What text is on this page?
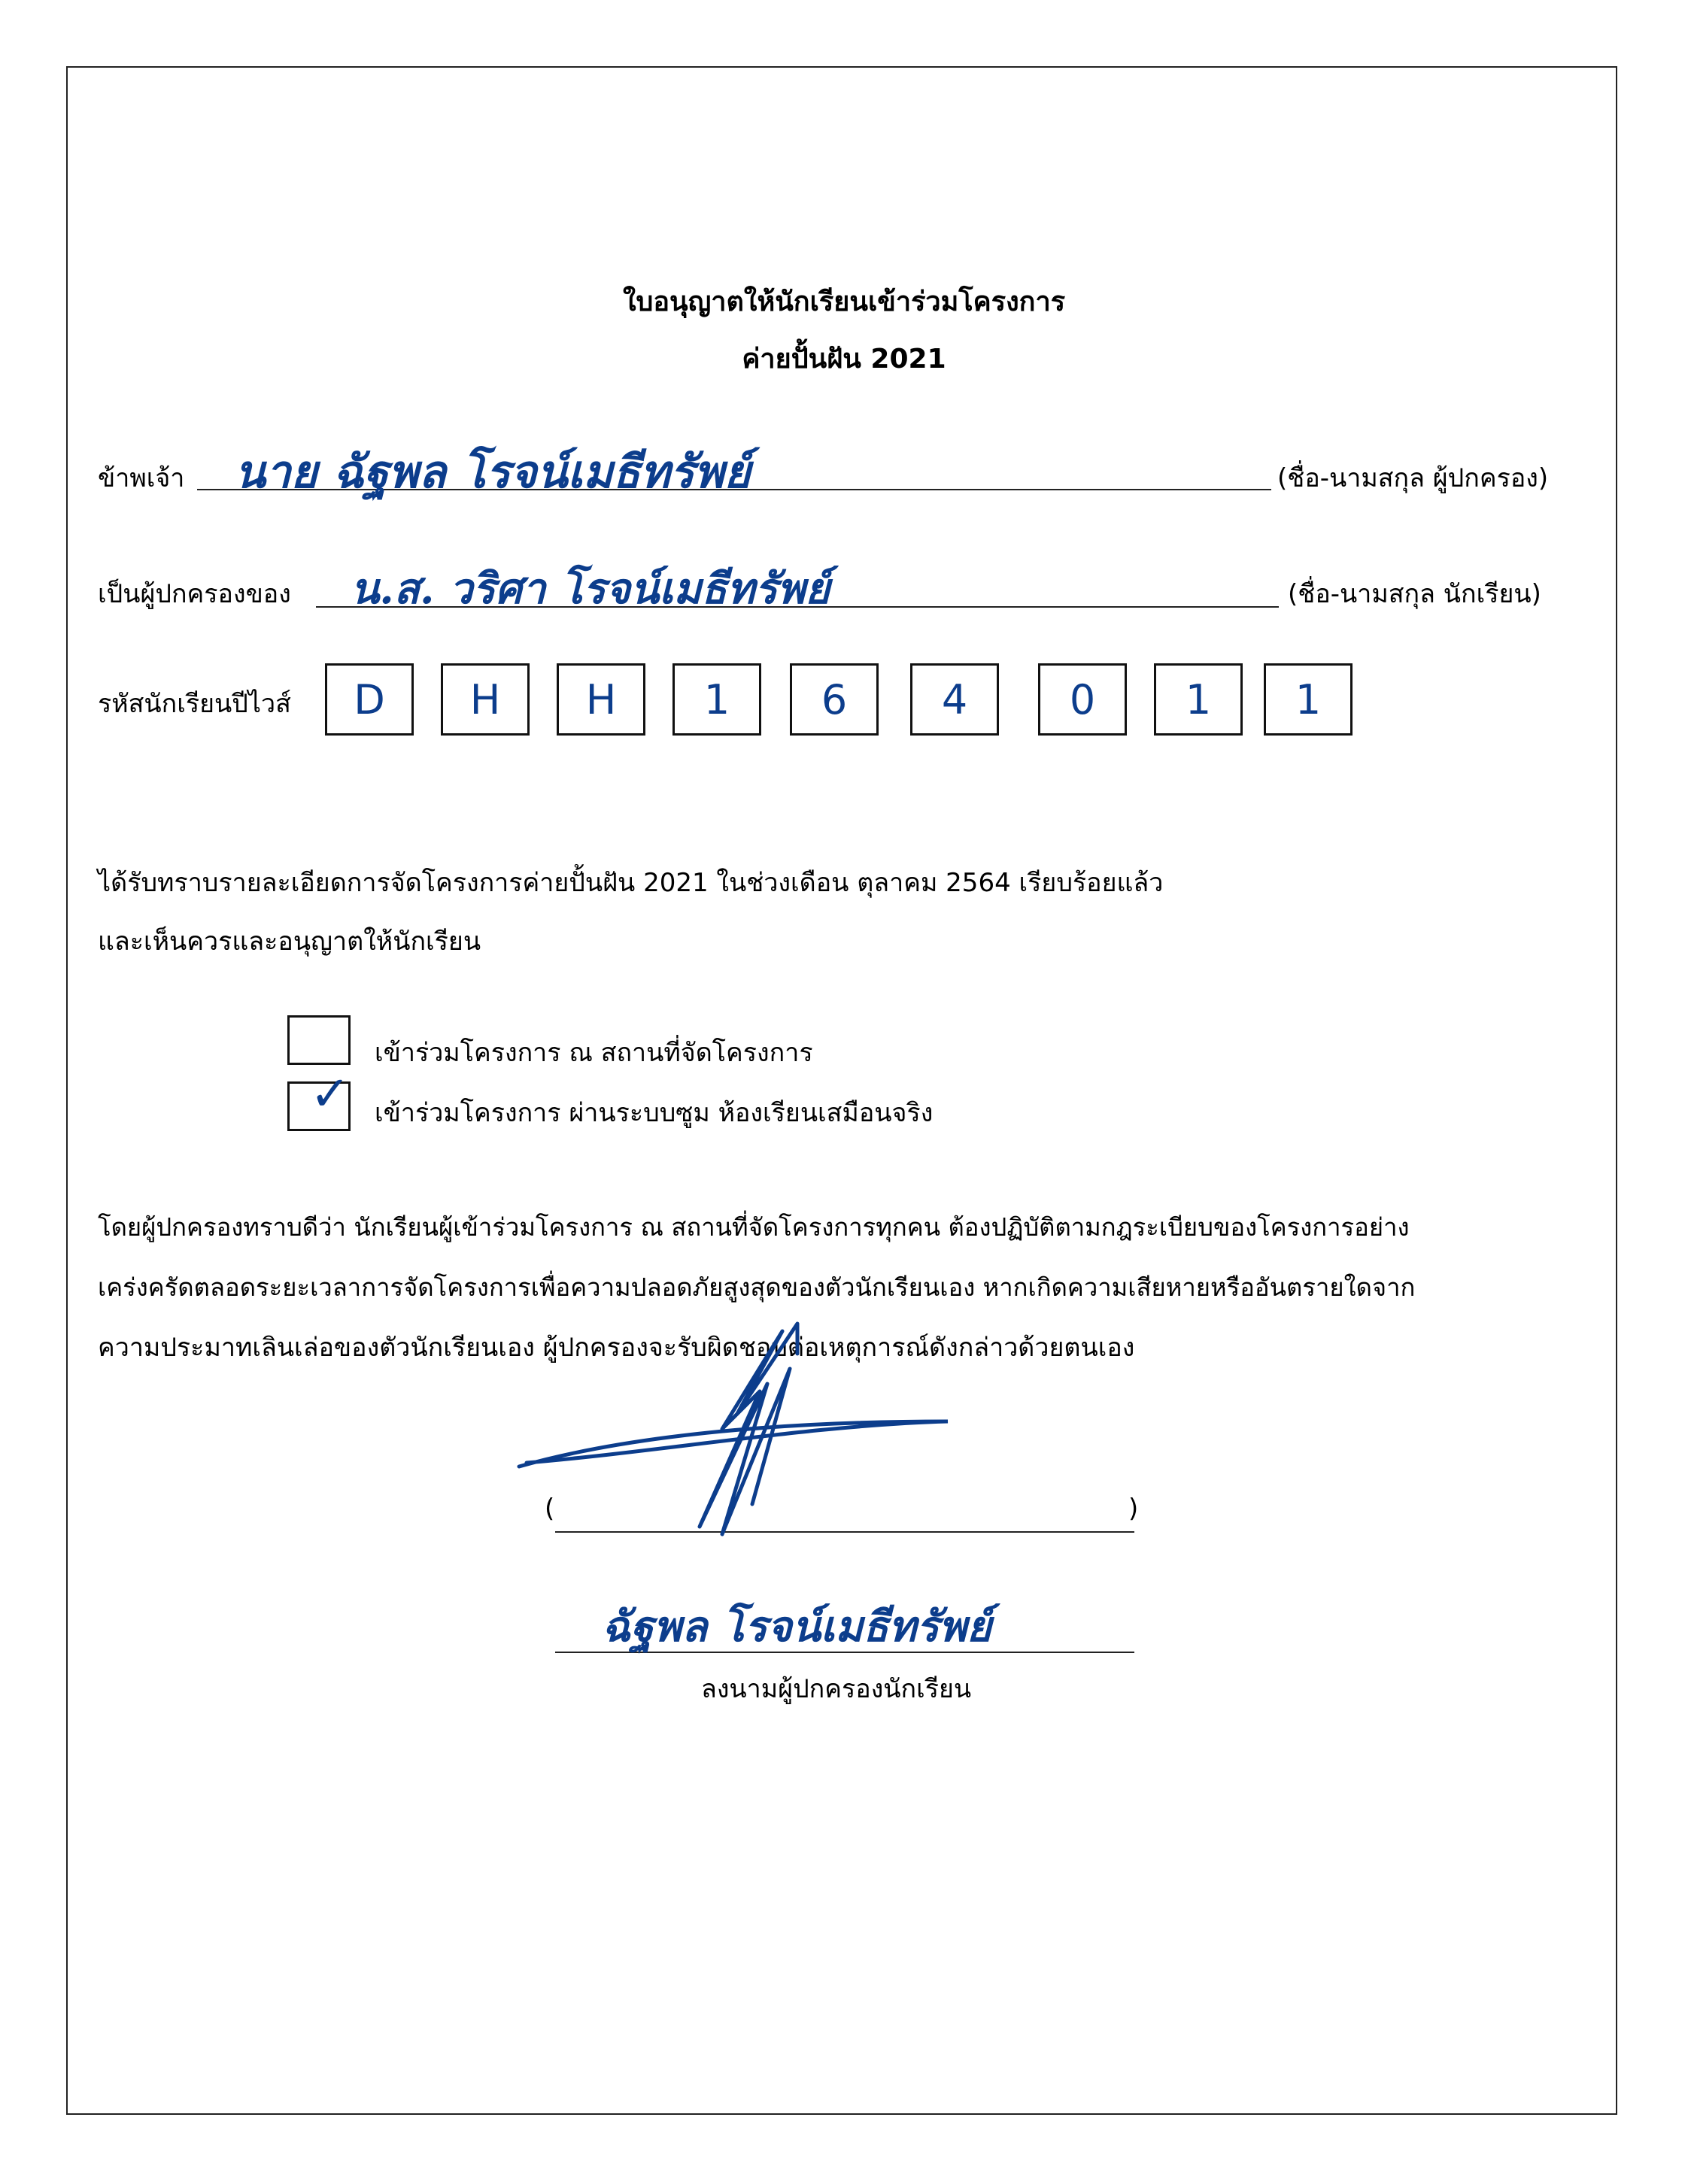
ใบอนุญาตให้นักเรียนเข้าร่วมโครงการ
ค่ายปั้นฝัน 2021
ข้าพเจ้า นาย ฉัฐพล โรจน์เมธีทรัพย์	(ชื่อ-นามสกุล ผู้ปกครอง)
เป็นผู้ปกครองของ น.ส. วริศา โรจน์เมธีทรัพย์	(ชื่อ-นามสกุล นักเรียน)
รหัสนักเรียนปีไวส์ D H H 1 6 4	0 1 1
ได้รับทราบรายละเอียดการจัดโครงการค่ายปั้นฝัน 2021 ในช่วงเดือน ตุลาคม 2564 เรียบร้อยแล้ว
และเห็นควรและอนุญาตให้นักเรียน
เข้าร่วมโครงการ ณ สถานที่จัดโครงการ
✓ เข้าร่วมโครงการ ผ่านระบบซูม ห้องเรียนเสมือนจริง
โดยผู้ปกครองทราบดีว่า นักเรียนผู้เข้าร่วมโครงการ ณ สถานที่จัดโครงการทุกคน ต้องปฏิบัติตามกฎระเบียบของโครงการอย่าง
เคร่งครัดตลอดระยะเวลาการจัดโครงการเพื่อความปลอดภัยสูงสุดของตัวนักเรียนเอง หากเกิดความเสียหายหรืออันตรายใดจาก
ความประมาทเลินเล่อของตัวนักเรียนเอง ผู้ปกครองจะรับผิดชอบต่อเหตุการณ์ดังกล่าวด้วยตนเอง
(	)
ฉัฐพล โรจน์เมธีทรัพย์
ลงนามผู้ปกครองนักเรียน
